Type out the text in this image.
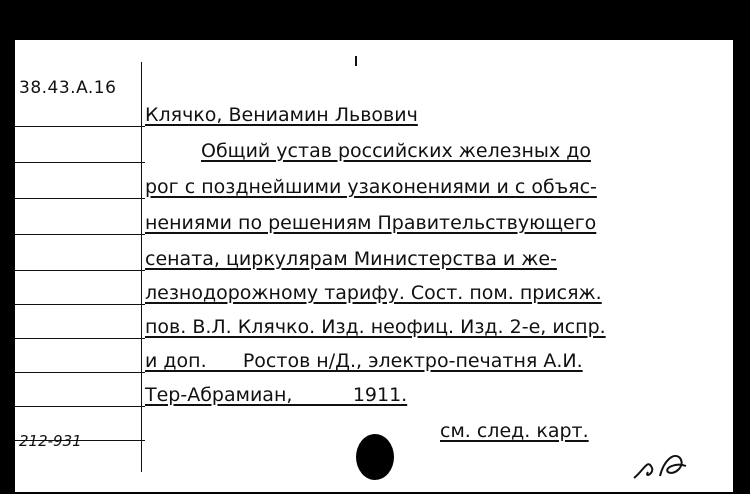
38.43.A.16
212-931
Клячко, Вениамин Львович
Общий устав российских железных до
рог с позднейшими узаконениями и с объяс-
нениями по решениям Правительствующего
сената, циркулярам Министерства и же-
лезнодорожному тарифу. Сост. пом. присяж.
пов. В.Л. Клячко. Изд. неофиц. Изд. 2-е, испр.
и доп.      Ростов н/Д., электро-печатня А.И.
Тер-Абрамиан,          1911.
см. след. карт.
